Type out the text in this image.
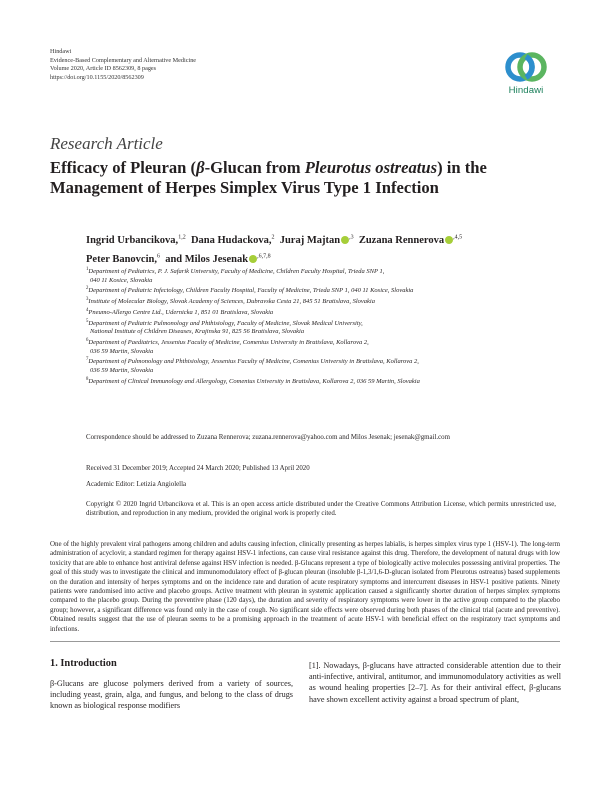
Hindawi
Evidence-Based Complementary and Alternative Medicine
Volume 2020, Article ID 8562309, 8 pages
https://doi.org/10.1155/2020/8562309
Hindawi
Research Article
Efficacy of Pleuran (β-Glucan from Pleurotus ostreatus) in the Management of Herpes Simplex Virus Type 1 Infection
Ingrid Urbancikova,$^{1,2}$ Dana Hudackova,$^2$ Juraj Majtan $^{,3}$ Zuzana Rennerova $^{,4,5}$
Peter Banovcin,$^6$ and Milos Jesenak $^{,6,7,8}$
$^1$Department of Pediatrics, P. J. Safarik University, Faculty of Medicine, Children Faculty Hospital, Trieda SNP 1,
040 11 Kosice, Slovakia
$^2$Department of Pediatric Infectology, Children Faculty Hospital, Faculty of Medicine, Trieda SNP 1, 040 11 Kosice, Slovakia
$^3$Institute of Molecular Biology, Slovak Academy of Sciences, Dubravska Cesta 21, 845 51 Bratislava, Slovakia
$^4$Pneumo-Allergo Centre Ltd., Udernicka 1, 851 01 Bratislava, Slovakia
$^5$Department of Pediatric Pulmonology and Phthisiology, Faculty of Medicine, Slovak Medical University,
National Institute of Children Diseases, Krajinska 91, 825 56 Bratislava, Slovakia
$^6$Department of Paediatrics, Jessenius Faculty of Medicine, Comenius University in Bratislava, Kollarova 2,
036 59 Martin, Slovakia
$^7$Department of Pulmonology and Phthisiology, Jessenius Faculty of Medicine, Comenius University in Bratislava, Kollarova 2,
036 59 Martin, Slovakia
$^8$Department of Clinical Immunology and Allergology, Comenius University in Bratislava, Kollarova 2, 036 59 Martin, Slovakia
Correspondence should be addressed to Zuzana Rennerova; zuzana.rennerova@yahoo.com and Milos Jesenak; jesenak@gmail.com
Received 31 December 2019; Accepted 24 March 2020; Published 13 April 2020
Academic Editor: Letizia Angiolella
Copyright © 2020 Ingrid Urbancikova et al. This is an open access article distributed under the Creative Commons Attribution License, which permits unrestricted use, distribution, and reproduction in any medium, provided the original work is properly cited.
One of the highly prevalent viral pathogens among children and adults causing infection, clinically presenting as herpes labialis, is herpes simplex virus type 1 (HSV-1). The long-term administration of acyclovir, a standard regimen for therapy against HSV-1 infections, can cause viral resistance against this drug. Therefore, the development of natural drugs with low toxicity that are able to enhance host antiviral defense against HSV infection is needed. β-Glucans represent a type of biologically active molecules possessing antiviral properties. The goal of this study was to investigate the clinical and immunomodulatory effect of β-glucan pleuran (insoluble β-1,3/1,6-D-glucan isolated from Pleurotus ostreatus) based supplements on the duration and intensity of herpes symptoms and on the incidence rate and duration of acute respiratory symptoms and intercurrent diseases in HSV-1 positive patients. Ninety patients were randomised into active and placebo groups. Active treatment with pleuran in systemic application caused a significantly shorter duration of herpes simplex symptoms compared to the placebo group. During the preventive phase (120 days), the duration and severity of respiratory symptoms were lower in the active group compared to the placebo group; however, a significant difference was found only in the case of cough. No significant side effects were observed during both phases of the clinical trial (acute and preventive). Obtained results suggest that the use of pleuran seems to be a promising approach in the treatment of acute HSV-1 with beneficial effect on the respiratory tract symptoms and infections.
1. Introduction
β-Glucans are glucose polymers derived from a variety of sources, including yeast, grain, alga, and fungus, and belong to the class of drugs known as biological response modifiers
[1]. Nowadays, β-glucans have attracted considerable attention due to their anti-infective, antiviral, antitumor, and immunomodulatory activities as well as wound healing properties [2–7]. As for their antiviral effect, β-glucans have shown excellent activity against a broad spectrum of plant,
